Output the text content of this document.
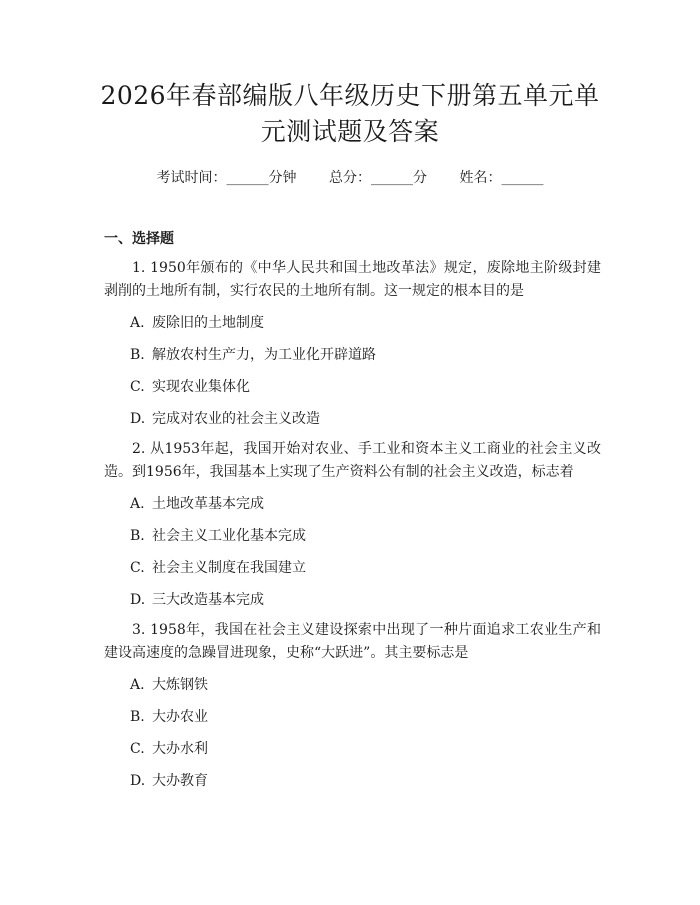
2026年春部编版八年级历史下册第五单元单元测试题及答案
考试时间：______分钟 总分：______分 姓名：______
一、选择题

1. 1950年颁布的《中华人民共和国土地改革法》规定，废除地主阶级封建剥削的土地所有制，实行农民的土地所有制。这一规定的根本目的是

A. 废除旧的土地制度

B. 解放农村生产力，为工业化开辟道路

C. 实现农业集体化

D. 完成对农业的社会主义改造

2. 从1953年起，我国开始对农业、手工业和资本主义工商业的社会主义改造。到1956年，我国基本上实现了生产资料公有制的社会主义改造，标志着

A. 土地改革基本完成

B. 社会主义工业化基本完成

C. 社会主义制度在我国建立

D. 三大改造基本完成

3. 1958年，我国在社会主义建设探索中出现了一种片面追求工农业生产和建设高速度的急躁冒进现象，史称“大跃进”。其主要标志是

A. 大炼钢铁

B. 大办农业

C. 大办水利

D. 大办教育
